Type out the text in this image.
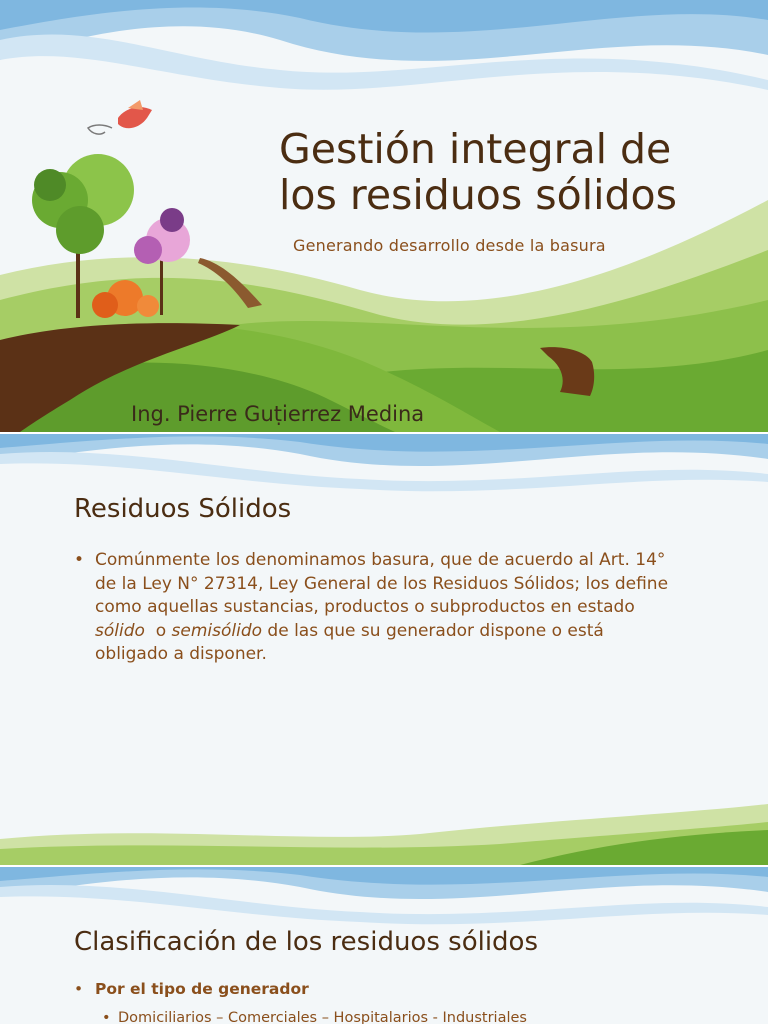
Gestión integral de
los residuos sólidos
Generando desarrollo desde la basura
Ing. Pierre Guṭierrez Medina
Residuos Sólidos
• Comúnmente los denominamos basura, que de acuerdo al Art. 14° de la Ley N° 27314, Ley General de los Residuos Sólidos; los define como aquellas sustancias, productos o subproductos en estado sólido  o semisólido de las que su generador dispone o está obligado a disponer.
Clasificación de los residuos sólidos
• Por el tipo de generador
• Domiciliarios – Comerciales – Hospitalarios - Industriales
